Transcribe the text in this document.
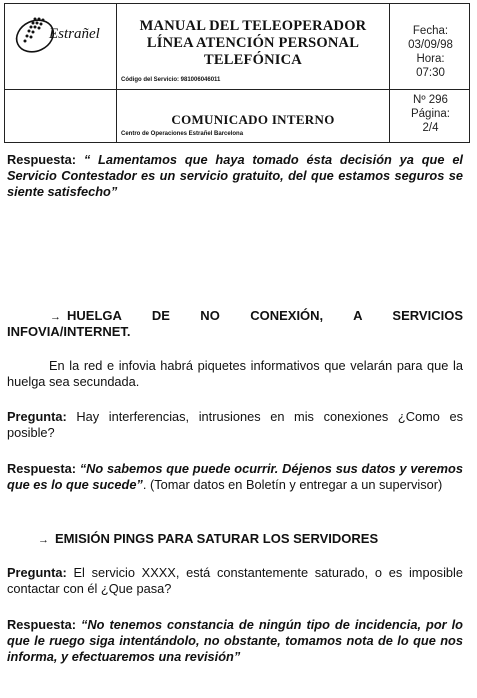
Estrañel	MANUAL DEL TELEOPERADOR
LÍNEA ATENCIÓN PERSONAL
TELEFÓNICA
Código del Servicio: 981006046011
Fecha:
03/09/98
Hora:
07:30
COMUNICADO INTERNO
Centro de Operaciones Estrañel Barcelona
Nº 296
Página:
2/4
Respuesta: “ Lamentamos que haya tomado ésta decisión ya que el Servicio Contestador es un servicio gratuito, del que estamos seguros se siente satisfecho”
→ HUELGA DE NO CONEXIÓN, A SERVICIOS
INFOVIA/INTERNET.
En la red e infovia habrá piquetes informativos que velarán para que la huelga sea secundada.
Pregunta: Hay interferencias, intrusiones en mis conexiones ¿Como es posible?
Respuesta: “No sabemos que puede ocurrir. Déjenos sus datos y veremos que es lo que sucede”. (Tomar datos en Boletín y entregar a un supervisor)
→ EMISIÓN PINGS PARA SATURAR LOS SERVIDORES
Pregunta: El servicio XXXX, está constantemente saturado, o es imposible contactar con él ¿Que pasa?
Respuesta: “No tenemos constancia de ningún tipo de incidencia, por lo que le ruego siga intentándolo, no obstante, tomamos nota de lo que nos informa, y efectuaremos una revisión”
